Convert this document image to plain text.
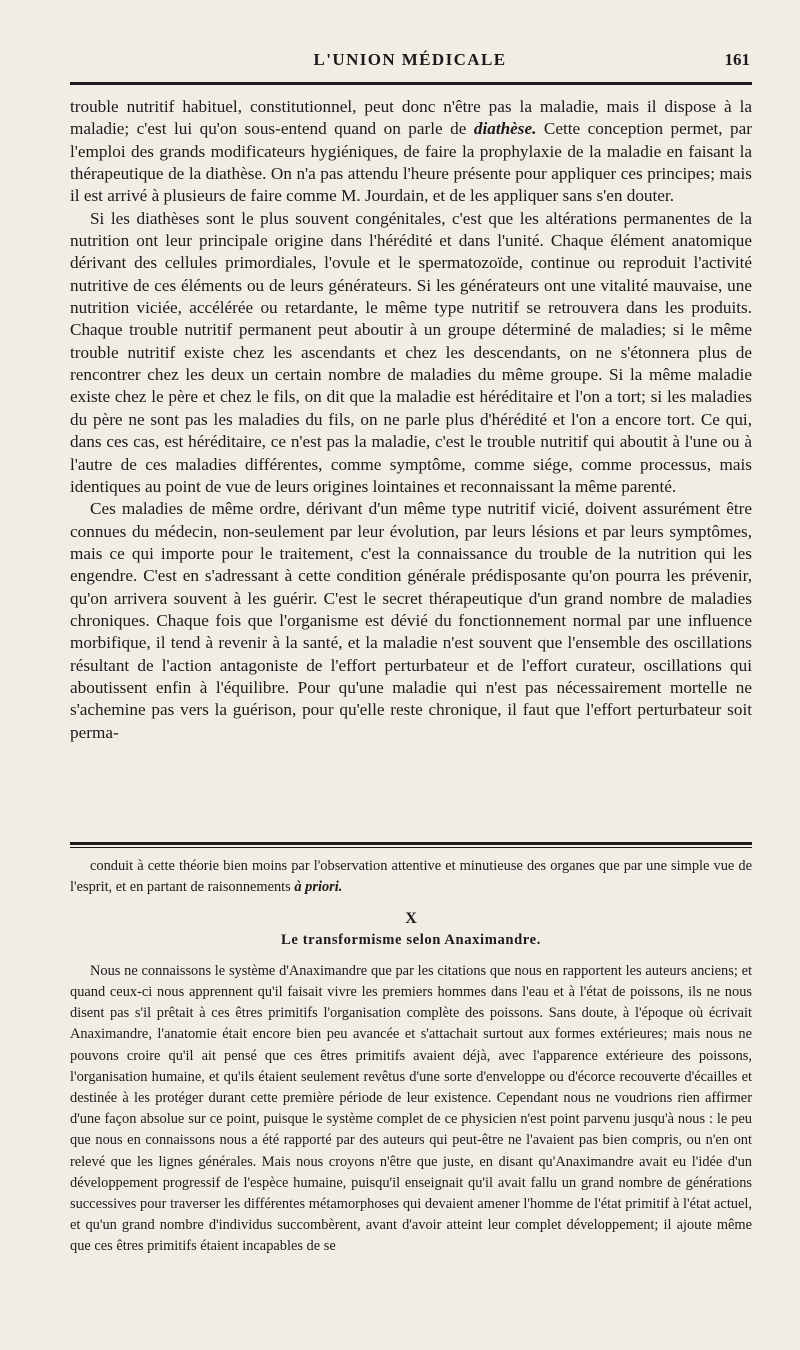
L'UNION MÉDICALE	161

trouble nutritif habituel, constitutionnel, peut donc n'être pas la maladie, mais il dispose à la maladie; c'est lui qu'on sous-entend quand on parle de diathèse. Cette conception permet, par l'emploi des grands modificateurs hygiéniques, de faire la prophylaxie de la maladie en faisant la thérapeutique de la diathèse. On n'a pas attendu l'heure présente pour appliquer ces principes; mais il est arrivé à plusieurs de faire comme M. Jourdain, et de les appliquer sans s'en douter.

Si les diathèses sont le plus souvent congénitales, c'est que les altérations permanentes de la nutrition ont leur principale origine dans l'hérédité et dans l'unité. Chaque élément anatomique dérivant des cellules primordiales, l'ovule et le spermatozoïde, continue ou reproduit l'activité nutritive de ces éléments ou de leurs générateurs. Si les générateurs ont une vitalité mauvaise, une nutrition viciée, accélérée ou retardante, le même type nutritif se retrouvera dans les produits. Chaque trouble nutritif permanent peut aboutir à un groupe déterminé de maladies; si le même trouble nutritif existe chez les ascendants et chez les descendants, on ne s'étonnera plus de rencontrer chez les deux un certain nombre de maladies du même groupe. Si la même maladie existe chez le père et chez le fils, on dit que la maladie est héréditaire et l'on a tort; si les maladies du père ne sont pas les maladies du fils, on ne parle plus d'hérédité et l'on a encore tort. Ce qui, dans ces cas, est héréditaire, ce n'est pas la maladie, c'est le trouble nutritif qui aboutit à l'une ou à l'autre de ces maladies différentes, comme symptôme, comme siége, comme processus, mais identiques au point de vue de leurs origines lointaines et reconnaissant la même parenté.

Ces maladies de même ordre, dérivant d'un même type nutritif vicié, doivent assurément être connues du médecin, non-seulement par leur évolution, par leurs lésions et par leurs symptômes, mais ce qui importe pour le traitement, c'est la connaissance du trouble de la nutrition qui les engendre. C'est en s'adressant à cette condition générale prédisposante qu'on pourra les prévenir, qu'on arrivera souvent à les guérir. C'est le secret thérapeutique d'un grand nombre de maladies chroniques. Chaque fois que l'organisme est dévié du fonctionnement normal par une influence morbifique, il tend à revenir à la santé, et la maladie n'est souvent que l'ensemble des oscillations résultant de l'action antagoniste de l'effort perturbateur et de l'effort curateur, oscillations qui aboutissent enfin à l'équilibre. Pour qu'une maladie qui n'est pas nécessairement mortelle ne s'achemine pas vers la guérison, pour qu'elle reste chronique, il faut que l'effort perturbateur soit perma-

conduit à cette théorie bien moins par l'observation attentive et minutieuse des organes que par une simple vue de l'esprit, et en partant de raisonnements à priori.

X
Le transformisme selon Anaximandre.

Nous ne connaissons le système d'Anaximandre que par les citations que nous en rapportent les auteurs anciens; et quand ceux-ci nous apprennent qu'il faisait vivre les premiers hommes dans l'eau et à l'état de poissons, ils ne nous disent pas s'il prêtait à ces êtres primitifs l'organisation complète des poissons. Sans doute, à l'époque où écrivait Anaximandre, l'anatomie était encore bien peu avancée et s'attachait surtout aux formes extérieures; mais nous ne pouvons croire qu'il ait pensé que ces êtres primitifs avaient déjà, avec l'apparence extérieure des poissons, l'organisation humaine, et qu'ils étaient seulement revêtus d'une sorte d'enveloppe ou d'écorce recouverte d'écailles et destinée à les protéger durant cette première période de leur existence. Cependant nous ne voudrions rien affirmer d'une façon absolue sur ce point, puisque le système complet de ce physicien n'est point parvenu jusqu'à nous : le peu que nous en connaissons nous a été rapporté par des auteurs qui peut-être ne l'avaient pas bien compris, ou n'en ont relevé que les lignes générales. Mais nous croyons n'être que juste, en disant qu'Anaximandre avait eu l'idée d'un développement progressif de l'espèce humaine, puisqu'il enseignait qu'il avait fallu un grand nombre de générations successives pour traverser les différentes métamorphoses qui devaient amener l'homme de l'état primitif à l'état actuel, et qu'un grand nombre d'individus succombèrent, avant d'avoir atteint leur complet développement; il ajoute même que ces êtres primitifs étaient incapables de se
